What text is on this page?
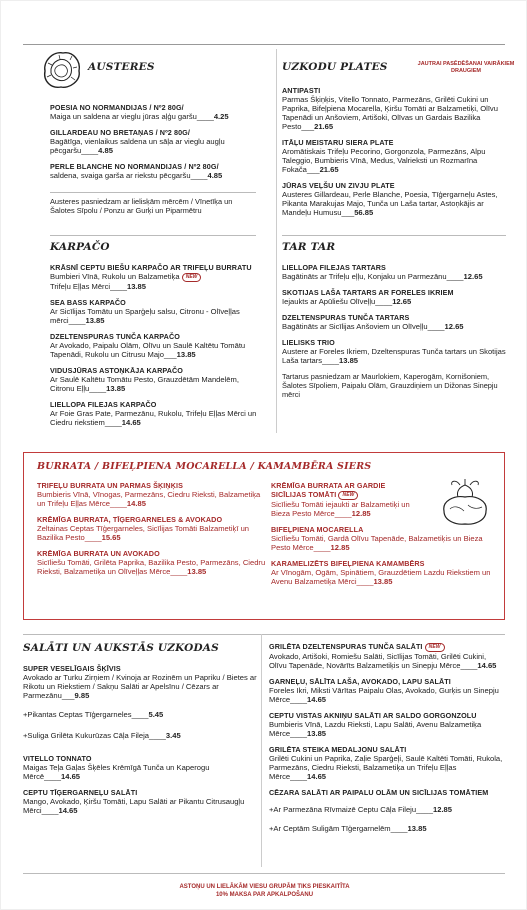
AUSTERES
POESIA NO NORMANDIJAS / Nº2 80G/
Maiga un saldena ar vieglu jūras aļģu garšu____4.25
GILLARDEAU NO BRETAŅAS / Nº2 80G/
Bagātīga, vienlaikus saldena un sāļa ar vieglu augļu pēcgaršu____4.85
PERLE BLANCHE NO NORMANDIJAS / Nº2 80G/
saldena, svaiga garša ar riekstu pēcgaršu____4.85
Austeres pasniedzam ar lielisķām mērcēm / Vīnetīķa un Šalotes Sīpolu / Ponzu ar Gurķi un Piparmētru
KARPAČO
KRĀSNĪ CEPTU BIEŠU KARPAČO AR TRIFEĻU BURRATU
Bumbieri Vīnā, Rukolu un Balzametiķa NEW
Trifeļu Eļļas Mērci____13.85
SEA BASS KARPAČO
Ar Sicīlijas Tomātu un Sparģeļu salsu, Citronu - Olīveļļas mērci____13.85
DZELTENSPURAS TUNČA KARPAČO
Ar Avokado, Paipalu Olām, Olīvu un Saulē Kaltētu Tomātu Tapenādi, Rukolu un Citrusu Majo___13.85
VIDUSJŪRAS ASTOŅKĀJA KARPAČO
Ar Saulē Kaltētu Tomātu Pesto, Grauzdētām Mandelēm, Citronu Eļļu____13.85
LIELLOPA FILEJAS KARPAČO
Ar Foie Gras Pate, Parmezānu, Rukolu, Trifeļu Eļļas Mērci un Ciedru riekstiem____14.65
UZKODU PLATES
ANTIPASTI
Parmas Šķiņķis, Vitello Tonnato, Parmezāns, Grilēti Cukini un Paprika, Bifeļpiena Mocarella, Ķiršu Tomāti ar Balzametiķi, Olīvu Tapenādi un Anšoviem, Artišoki, Olīvas un Gardais Bazilika Pesto___21.65
ITĀĻU MEISTARU SIERA PLATE
Aromātiskais Trifeļu Pecorino, Gorgonzola, Parmezāns, Alpu Taleggio, Bumbieris Vīnā, Medus, Valrieksti un Rozmarīna Fokača___21.65
JŪRAS VEĻŠU UN ZIVJU PLATE
Austeres Gillardeau, Perle Blanche, Poesia, Tīģergarneļu Astes, Pikanta Marakujas Majo, Tunča un Laša tartar, Astoņkājis ar Mandeļu Humusu___56.85
JAUTRAI PASĒDĒŠANAI VAIRĀKIEM DRAUGIEM
TAR TAR
LIELLOPA FILEJAS TARTARS
Bagātināts ar Trifeļu eļļu, Konjaku un Parmezānu____12.65
SKOTIJAS LAŠA TARTARS AR FORELES IKRIEM
Iejaukts ar Apūliešu Olīveļļu____12.65
DZELTENSPURAS TUNČA TARTARS
Bagātināts ar Sicīlijas Anšoviem un Olīveļļu____12.65
LIELISKS TRIO
Austere ar Foreles Ikriem, Dzeltenspuras Tunča tartars un Skotijas Laša tartars____13.85
Tartarus pasniedzam ar Maurlokiem, Kaperogām, Kornišoniem, Šalotes Sīpoliem, Paipalu Olām, Grauzdiņiem un Dižonas Sinepju mērci
BURRATA / BIFEĻPIENA MOCARELLA / KAMAMBĒRA SIERS
TRIFEĻU BURRATA UN PARMAS ŠĶIŅĶIS
Bumbieris Vīnā, Vīnogas, Parmezāns, Ciedru Rieksti, Balzametiķa un Trifeļu Eļļas Mērce____14.85
KRĒMĪGA BURRATA, TĪĢERGARNELES & AVOKADO
Zeltainas Ceptas Tīģergarneles, Sicīlijas Tomāti Balzametiķī un Bazilika Pesto____15.65
KRĒMĪGA BURRATA UN AVOKADO
Sicīliešu Tomāti, Grilēta Paprika, Bazilika Pesto, Parmezāns, Ciedru Rieksti, Balzametiķa un Olīveļļas Mērce____13.85
KRĒMĪGA BURRATA AR GARDIE SICĪLIJAS TOMĀTI NEW
Sicīliešu Tomāti iejaukti ar Balzametiķi un Bieza Pesto Mērce____12.85
BIFEĻPIENA MOCARELLA
Sicīliešu Tomāti, Gardā Olīvu Tapenāde, Balzametiķis un Bieza Pesto Mērce____12.85
KARAMELIZĒTS BIFEĻPIENA KAMAMBĒRS
Ar Vīnogām, Ogām, Spinātiem, Grauzdētiem Lazdu Riekstiem un Avenu Balzametiķa Mērci____13.85
SALĀTI UN AUKSTĀS UZKODAS
SUPER VESELĪGAIS ŠĶĪVIS
Avokado ar Turku Zirņiem / Kvinoja ar Rozinēm un Papriku / Bietes ar Rikotu un Riekstiem / Sakņu Salāti ar Apelsīnu / Cēzars ar Parmezānu___9.85
+Pikantas Ceptas Tīģergarneles____5.45
+Suliga Grilēta Kukurūzas Cāļa Fileja____3.45
VITELLO TONNATO
Maigas Teļa Gaļas Šķēles Krēmīgā Tunča un Kaperogu Mērcē____14.65
CEPTU TĪĢERGARNEĻU SALĀTI
Mango, Avokado, Ķiršu Tomāti, Lapu Salāti ar Pikantu Citrusaugļu Mērci____14.65
GRILĒTA DZELTENSPURAS TUNČA SALĀTI NEW
Avokado, Artišoki, Romiešu Salāti, Sicīlijas Tomāti, Grilēti Cukini, Olīvu Tapenāde, Novārīts Balzametiķis un Sinepju Mērce____14.65
GARNEĻU, SĀLĪTA LAŠA, AVOKADO, LAPU SALĀTI
Foreles Ikri, Miksti Vārītas Paipalu Olas, Avokado, Gurķis un Sinepju Mērce____14.65
CEPTU VISTAS AKNIŅU SALĀTI AR SALDO GORGONZOLU
Bumbieris Vīnā, Lazdu Rieksti, Lapu Salāti, Avenu Balzametiķa Mērce____13.85
GRILĒTA STEIKA MEDALJONU SALĀTI
Grilēti Cukini un Paprika, Zaļie Sparģeļi, Saulē Kaltēti Tomāti, Rukola, Parmezāns, Ciedru Rieksti, Balzametiķa un Trifeļu Eļļas Mērce____14.65
CĒZARA SALĀTI AR PAIPALU OLĀM UN SICĪLIJAS TOMĀTIEM
+Ar Parmezāna Rīvmaizē Ceptu Cāļa Fileju____12.85
+Ar Ceptām Suligām Tīģergarnelēm____13.85
ASTOŅU UN LIELĀKĀM VIESU GRUPĀM TIKS PIESKAITĪTA
10% MAKSA PAR APKALPOŠANU
